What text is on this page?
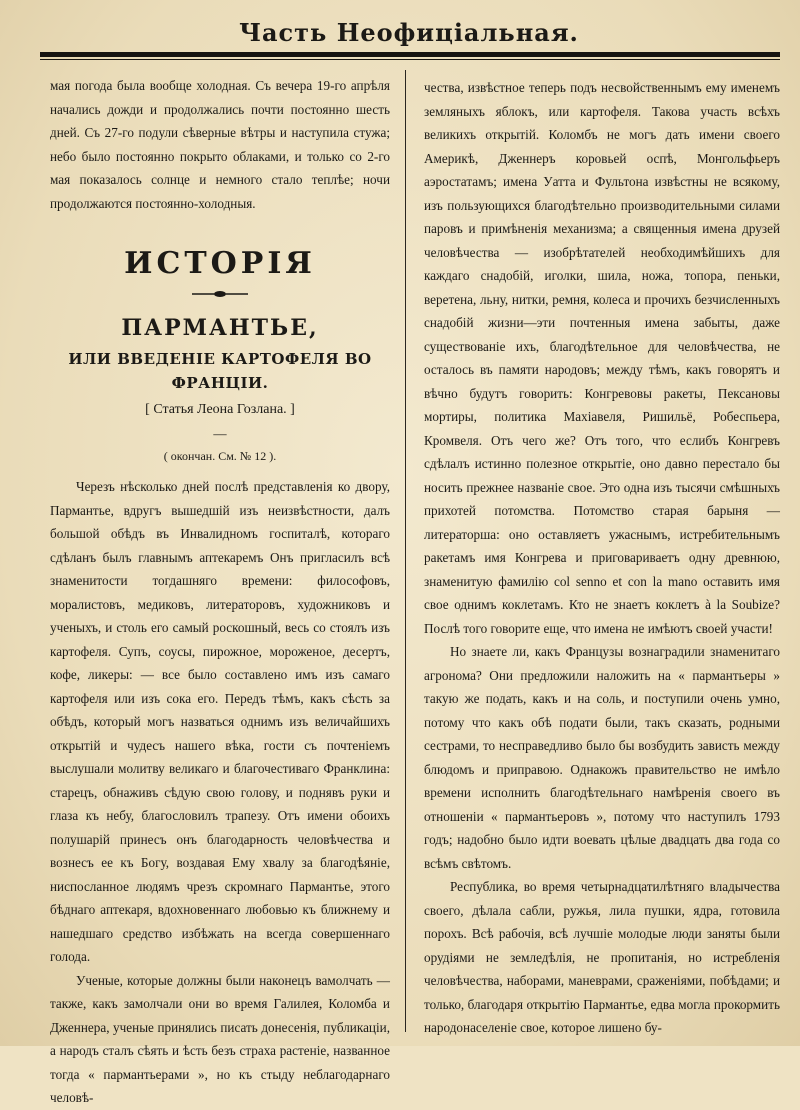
Часть Неофиціальная.

мая погода была вообще холодная. Съ вечера 19-го апрѣля начались дожди и продолжались почти постоянно шесть дней. Съ 27-го подули сѣверные вѣтры и наступила стужа; небо было постоянно покрыто облаками, и только со 2-го мая показалось солнце и немного стало теплѣе; ночи продолжаются постоянно-холодныя.

ИСТОРІЯ
ПАРМАНТЬЕ,
ИЛИ ВВЕДЕНІЕ КАРТОФЕЛЯ ВО ФРАНЦІИ.
[ Статья Леона Гозлана. ]
—
( окончан. См. № 12 ).

Черезъ нѣсколько дней послѣ представленія ко двору, Пармантье, вдругъ вышедшій изъ неизвѣстности, далъ большой обѣдъ въ Инвалидномъ госпиталѣ, котораго сдѣланъ былъ главнымъ аптекаремъ Онъ пригласилъ всѣ знаменитости тогдашняго времени: философовъ, моралистовъ, медиковъ, литераторовъ, художниковъ и ученыхъ, и столь его самый роскошный, весь со стоялъ изъ картофеля. Супъ, соусы, пирожное, мороженое, десертъ, кофе, ликеры: — все было составлено имъ изъ самаго картофеля или изъ сока его. Передъ тѣмъ, какъ сѣсть за обѣдъ, который могъ назваться однимъ изъ величайшихъ открытій и чудесъ нашего вѣка, гости съ почтеніемъ выслушали молитву великаго и благочестиваго Франклина: старецъ, обнаживъ сѣдую свою голову, и поднявъ руки и глаза къ небу, благословилъ трапезу. Отъ имени обоихъ полушарій принесъ онъ благодарность человѣчества и вознесъ ее къ Богу, воздавая Ему хвалу за благодѣяніе, ниспосланное людямъ чрезъ скромнаго Пармантье, этого бѣднаго аптекаря, вдохновеннаго любовью къ ближнему и нашедшаго средство избѣжать на всегда совершеннаго голода.

Ученые, которые должны были наконецъ вамолчать — также, какъ замолчали они во время Галилея, Коломба и Дженнера, ученые принялись писать донесенія, публикаціи, а народъ сталъ сѣять и ѣсть безъ страха растеніе, названное тогда « пармантьерами », но къ стыду неблагодарнаго человѣ-

чества, извѣстное теперь подъ несвойственнымъ ему именемъ земляныхъ яблокъ, или картофеля. Такова участь всѣхъ великихъ открытій. Коломбъ не могъ дать имени своего Америкѣ, Дженнеръ коровьей оспѣ, Монгольфьеръ аэростатамъ; имена Уатта и Фультона извѣстны не всякому, изъ пользующихся благодѣтельно производительными силами паровъ и примѣненія механизма; а священныя имена друзей человѣчества — изобрѣтателей необходимѣйшихъ для каждаго снадобій, иголки, шила, ножа, топора, пеньки, веретена, льну, нитки, ремня, колеса и прочихъ безчисленныхъ снадобій жизни—эти почтенныя имена забыты, даже существованіе ихъ, благодѣтельное для человѣчества, не осталось въ памяти народовъ; между тѣмъ, какъ говорятъ и вѣчно будутъ говорить: Конгревовы ракеты, Пексановы мортиры, политика Махіавеля, Ришильё, Робеспьера, Кромвеля. Отъ чего же? Отъ того, что еслибъ Конгревъ сдѣлалъ истинно полезное открытіе, оно давно перестало бы носить прежнее названіе свое. Это одна изъ тысячи смѣшныхъ прихотей потомства. Потомство старая барыня — литераторша: оно оставляетъ ужаснымъ, истребительнымъ ракетамъ имя Конгрева и приговариваетъ одну древнюю, знаменитую фамилію col senno et con la mano оставить имя свое однимъ коклетамъ. Кто не знаетъ коклетъ à la Soubize? Послѣ того говорите еще, что имена не имѣютъ своей участи!

Но знаете ли, какъ Французы вознаградили знаменитаго агронома? Они предложили наложить на « пармантьеры » такую же подать, какъ и на соль, и поступили очень умно, потому что какъ обѣ подати были, такъ сказать, родными сестрами, то несправедливо было бы возбудить зависть между блюдомъ и приправою. Однакожъ правительство не имѣло времени исполнить благодѣтельнаго намѣренія своего въ отношеніи « пармантьеровъ », потому что наступилъ 1793 годъ; надобно было идти воевать цѣлые двадцать два года со всѣмъ свѣтомъ.

Республика, во время четырнадцатилѣтняго владычества своего, дѣлала сабли, ружья, лила пушки, ядра, готовила порохъ. Всѣ рабочія, всѣ лучшіе молодые люди заняты были орудіями не земледѣлія, не пропитанія, но истребленія человѣчества, наборами, маневрами, сраженіями, побѣдами; и только, благодаря открытію Пармантье, едва могла прокормить народонаселеніе свое, которое лишено бу-
